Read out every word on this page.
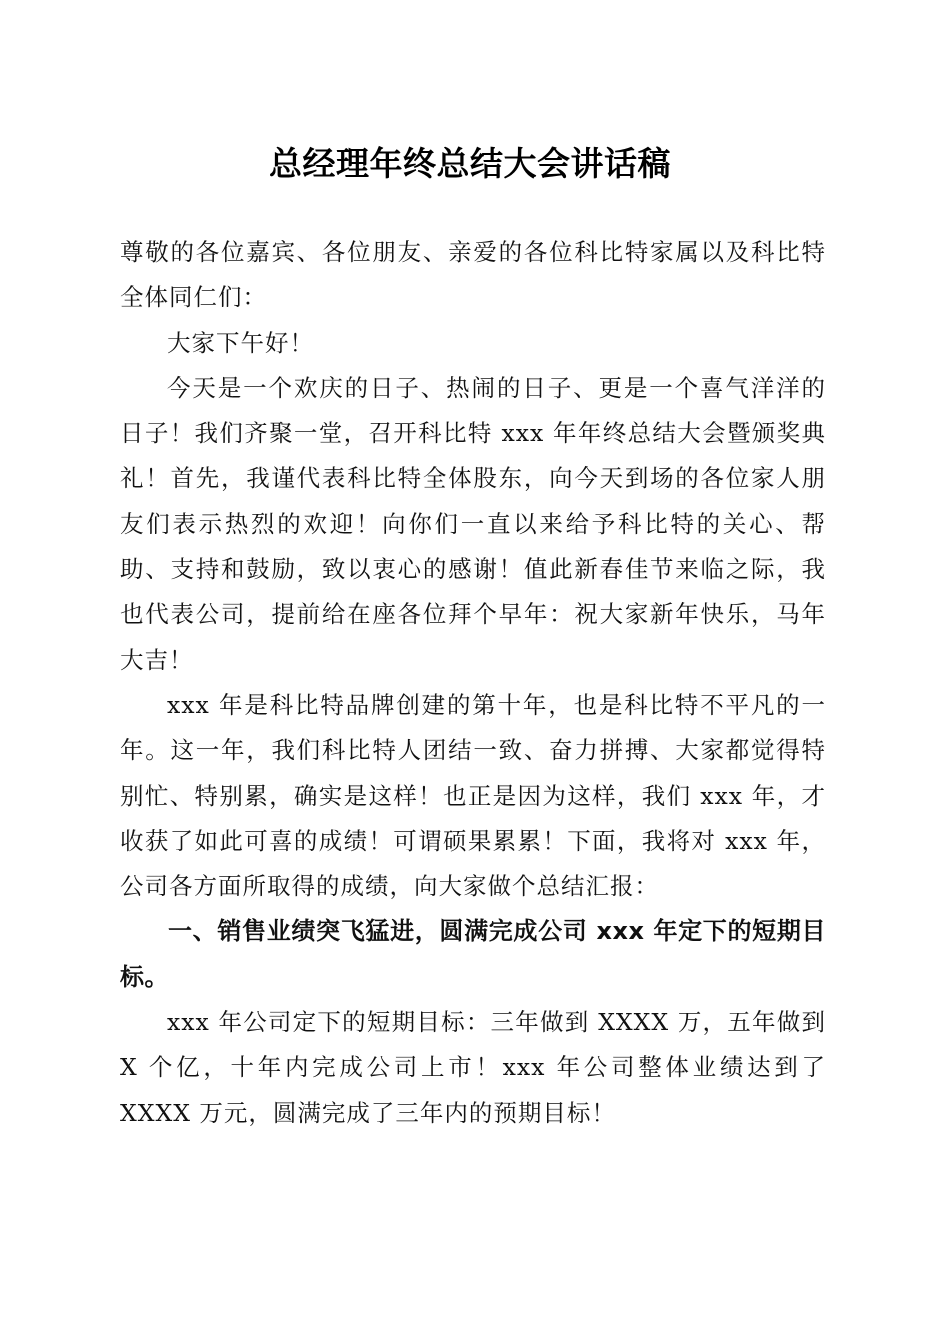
总经理年终总结大会讲话稿

尊敬的各位嘉宾、各位朋友、亲爱的各位科比特家属以及科比特全体同仁们：

大家下午好！

今天是一个欢庆的日子、热闹的日子、更是一个喜气洋洋的日子！我们齐聚一堂，召开科比特 xxx 年年终总结大会暨颁奖典礼！首先，我谨代表科比特全体股东，向今天到场的各位家人朋友们表示热烈的欢迎！向你们一直以来给予科比特的关心、帮助、支持和鼓励，致以衷心的感谢！值此新春佳节来临之际，我也代表公司，提前给在座各位拜个早年：祝大家新年快乐，马年大吉！

xxx 年是科比特品牌创建的第十年，也是科比特不平凡的一年。这一年，我们科比特人团结一致、奋力拼搏、大家都觉得特别忙、特别累，确实是这样！也正是因为这样，我们 xxx 年，才收获了如此可喜的成绩！可谓硕果累累！下面，我将对 xxx 年，公司各方面所取得的成绩，向大家做个总结汇报：

一、销售业绩突飞猛进，圆满完成公司 xxx 年定下的短期目标。

xxx 年公司定下的短期目标：三年做到 XXXX 万，五年做到 X 个亿，十年内完成公司上市！xxx 年公司整体业绩达到了 XXXX 万元，圆满完成了三年内的预期目标！
